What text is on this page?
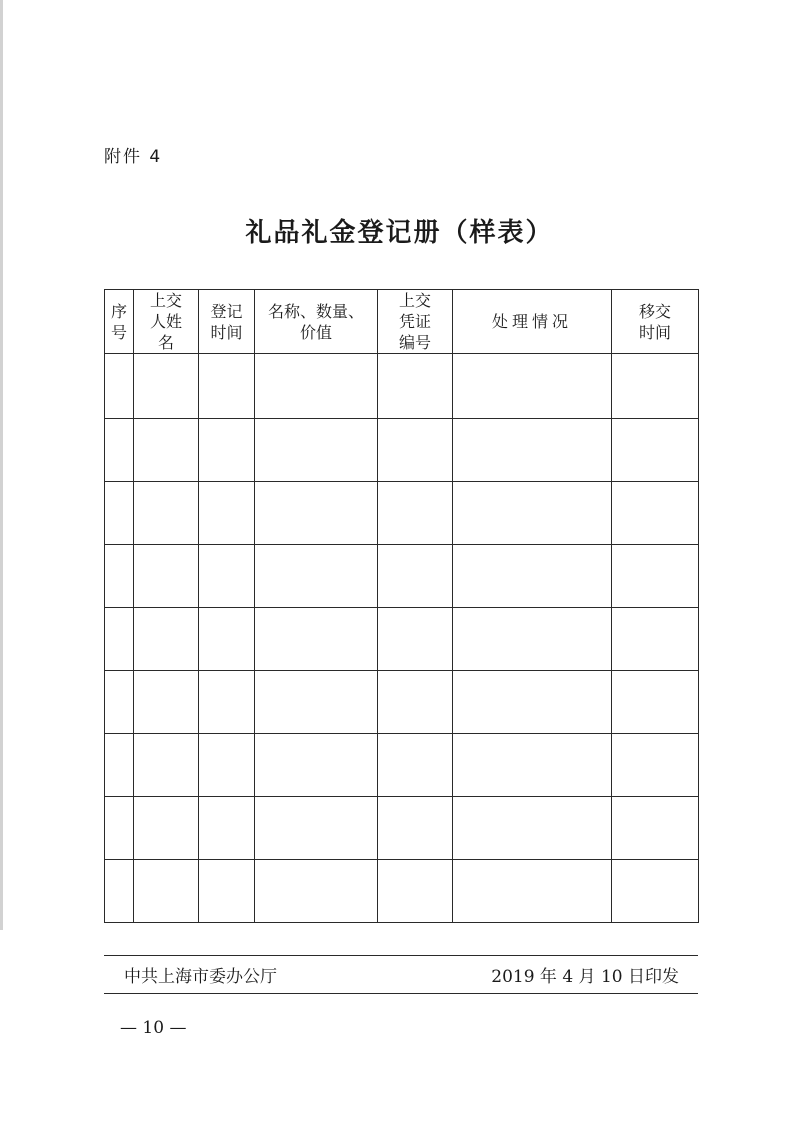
附件 4
礼品礼金登记册（样表）
序号	上交人姓名	登记时间	名称、数量、价值	上交凭证编号	处理情况	移交时间

中共上海市委办公厅	2019 年 4 月 10 日印发
— 10 —
